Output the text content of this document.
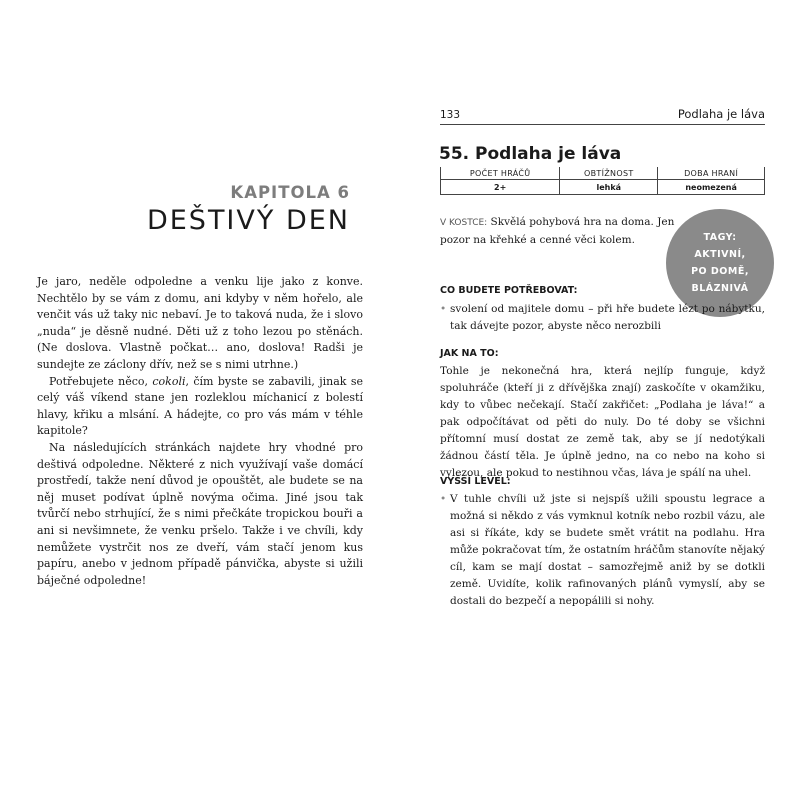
KAPITOLA 6
DEŠTIVÝ DEN

Je jaro, neděle odpoledne a venku lije jako z konve. Nechtělo by se vám z domu, ani kdyby v něm hořelo, ale venčit vás už taky nic nebaví. Je to taková nuda, že i slovo „nuda“ je děsně nudné. Děti už z toho lezou po stěnách. (Ne doslova. Vlastně počkat… ano, doslova! Radši je sundejte ze záclony dřív, než se s nimi utrhne.)

Potřebujete něco, cokoli, čím byste se zabavili, jinak se celý váš víkend stane jen rozleklou míchanicí z bolestí hlavy, křiku a mlsání. A hádejte, co pro vás mám v téhle kapitole?

Na následujících stránkách najdete hry vhodné pro deštivá odpoledne. Některé z nich využívají vaše domácí prostředí, takže není důvod je opouštět, ale budete se na něj muset podívat úplně novýma očima. Jiné jsou tak tvůrčí nebo strhující, že s nimi přečkáte tropickou bouři a ani si nevšimnete, že venku pršelo. Takže i ve chvíli, kdy nemůžete vystrčit nos ze dveří, vám stačí jenom kus papíru, anebo v jednom případě pánvička, abyste si užili báječné odpoledne!

133	Podlaha je láva
55. Podlaha je láva
POČET HRÁČŮ	OBTÍŽNOST	DOBA HRANÍ
2+	lehká	neomezená
TAGY:
AKTIVNÍ,
PO DOMĚ,
BLÁZNIVÁ
V KOSTCE: Skvělá pohybová hra na doma. Jen pozor na křehké a cenné věci kolem.
CO BUDETE POTŘEBOVAT:
• svolení od majitele domu – při hře budete lézt po nábytku, tak dávejte pozor, abyste něco nerozbili
JAK NA TO:
Tohle je nekonečná hra, která nejlíp funguje, když spoluhráče (kteří ji z dřívějška znají) zaskočíte v okamžiku, kdy to vůbec nečekají. Stačí zakřičet: „Podlaha je láva!“ a pak odpočítávat od pěti do nuly. Do té doby se všichni přítomní musí dostat ze země tak, aby se jí nedotýkali žádnou částí těla. Je úplně jedno, na co nebo na koho si vylezou, ale pokud to nestihnou včas, láva je spálí na uhel.
VYŠŠÍ LEVEL:
• V tuhle chvíli už jste si nejspíš užili spoustu legrace a možná si někdo z vás vymknul kotník nebo rozbil vázu, ale asi si říkáte, kdy se budete smět vrátit na podlahu. Hra může pokračovat tím, že ostatním hráčům stanovíte nějaký cíl, kam se mají dostat – samozřejmě aniž by se dotkli země. Uvidíte, kolik rafinovaných plánů vymyslí, aby se dostali do bezpečí a nepopálili si nohy.
